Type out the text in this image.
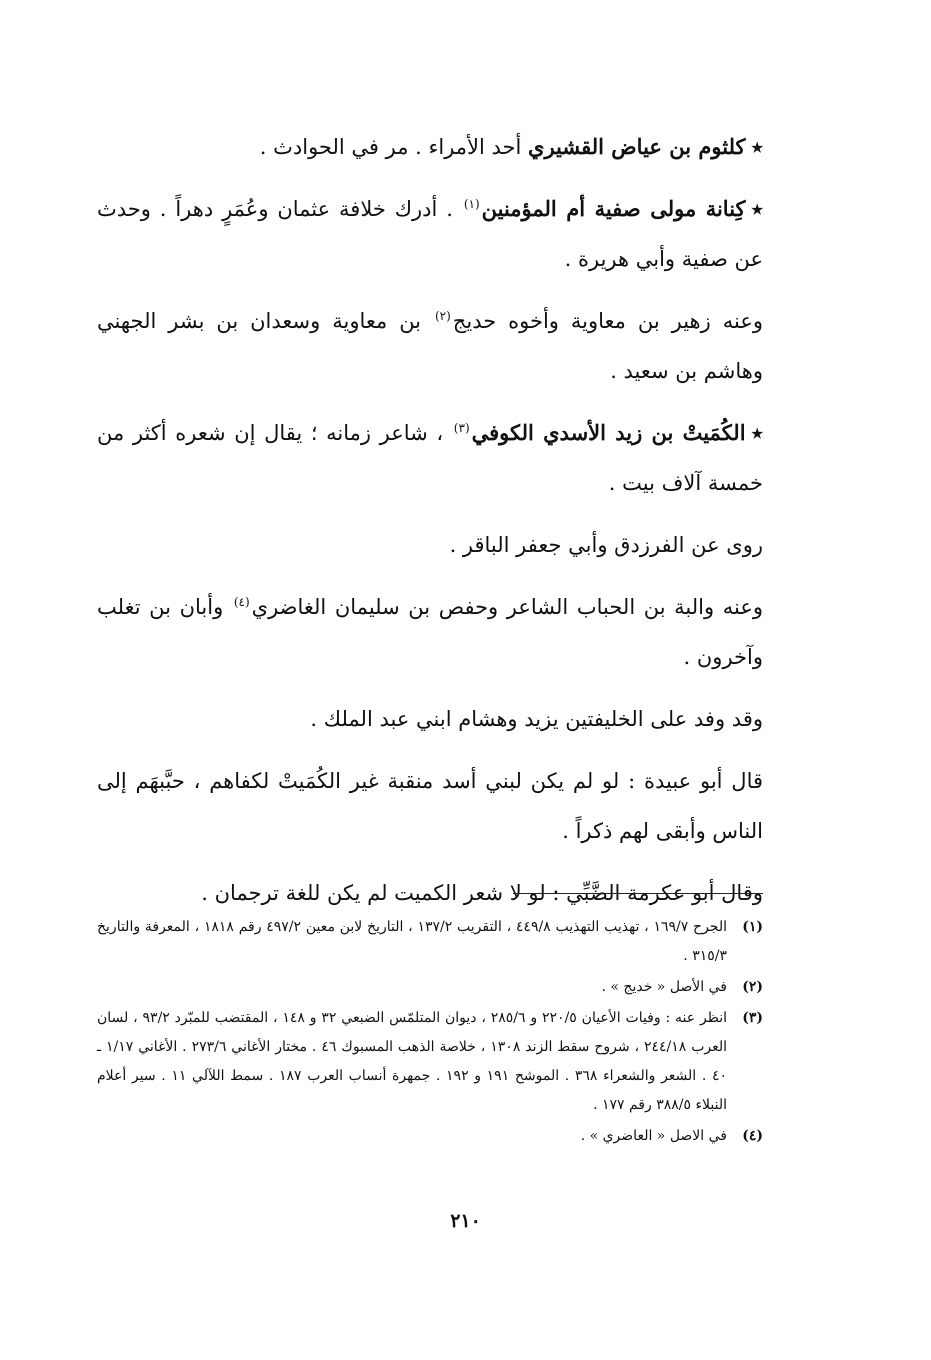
٭كلثوم بن عياض القشيري أحد الأمراء . مر في الحوادث .

٭كِنانة مولى صفية أم المؤمنين$^{(١)}$ . أدرك خلافة عثمان وعُمَرٍ دهراً . وحدث عن صفية وأبي هريرة .

وعنه زهير بن معاوية وأخوه حديج$^{(٢)}$ بن معاوية وسعدان بن بشر الجهني وهاشم بن سعيد .

٭الكُمَيتْ بن زيد الأسدي الكوفي$^{(٣)}$ ، شاعر زمانه ؛ يقال إن شعره أكثر من خمسة آلاف بيت .

روى عن الفرزدق وأبي جعفر الباقر .

وعنه والبة بن الحباب الشاعر وحفص بن سليمان الغاضري$^{(٤)}$ وأبان بن تغلب وآخرون .

وقد وفد على الخليفتين يزيد وهشام ابني عبد الملك .

قال أبو عبيدة : لو لم يكن لبني أسد منقبة غير الكُمَيتْ لكفاهم ، حبَّبهَم إلى الناس وأبقى لهم ذكراً .

وقال أبو عكرمة الضَّبِّي : لو لا شعر الكميت لم يكن للغة ترجمان .

(١)
الجرح ١٦٩/٧ ، تهذيب التهذيب ٤٤٩/٨ ، التقريب ١٣٧/٢ ، التاريخ لابن معين ٤٩٧/٢ رقم ١٨١٨ ، المعرفة والتاريخ ٣١٥/٣ .
(٢)
في الأصل « خديج » .
(٣)
انظر عنه : وفيات الأعيان ٢٢٠/٥ و ٢٨٥/٦ ، ديوان المتلمّس الضبعي ٣٢ و ١٤٨ ، المقتضب للمبّرد ٩٣/٢ ، لسان العرب ٢٤٤/١٨ ، شروح سقط الزند ١٣٠٨ ، خلاصة الذهب المسبوك ٤٦ . مختار الأغاني ٢٧٣/٦ . الأغاني ١/١٧ ـ ٤٠ . الشعر والشعراء ٣٦٨ . الموشح ١٩١ و ١٩٢ . جمهرة أنساب العرب ١٨٧ . سمط اللآلي ١١ . سير أعلام النبلاء ٣٨٨/٥ رقم ١٧٧ .
(٤)
في الاصل « العاضري » .
٢١٠
